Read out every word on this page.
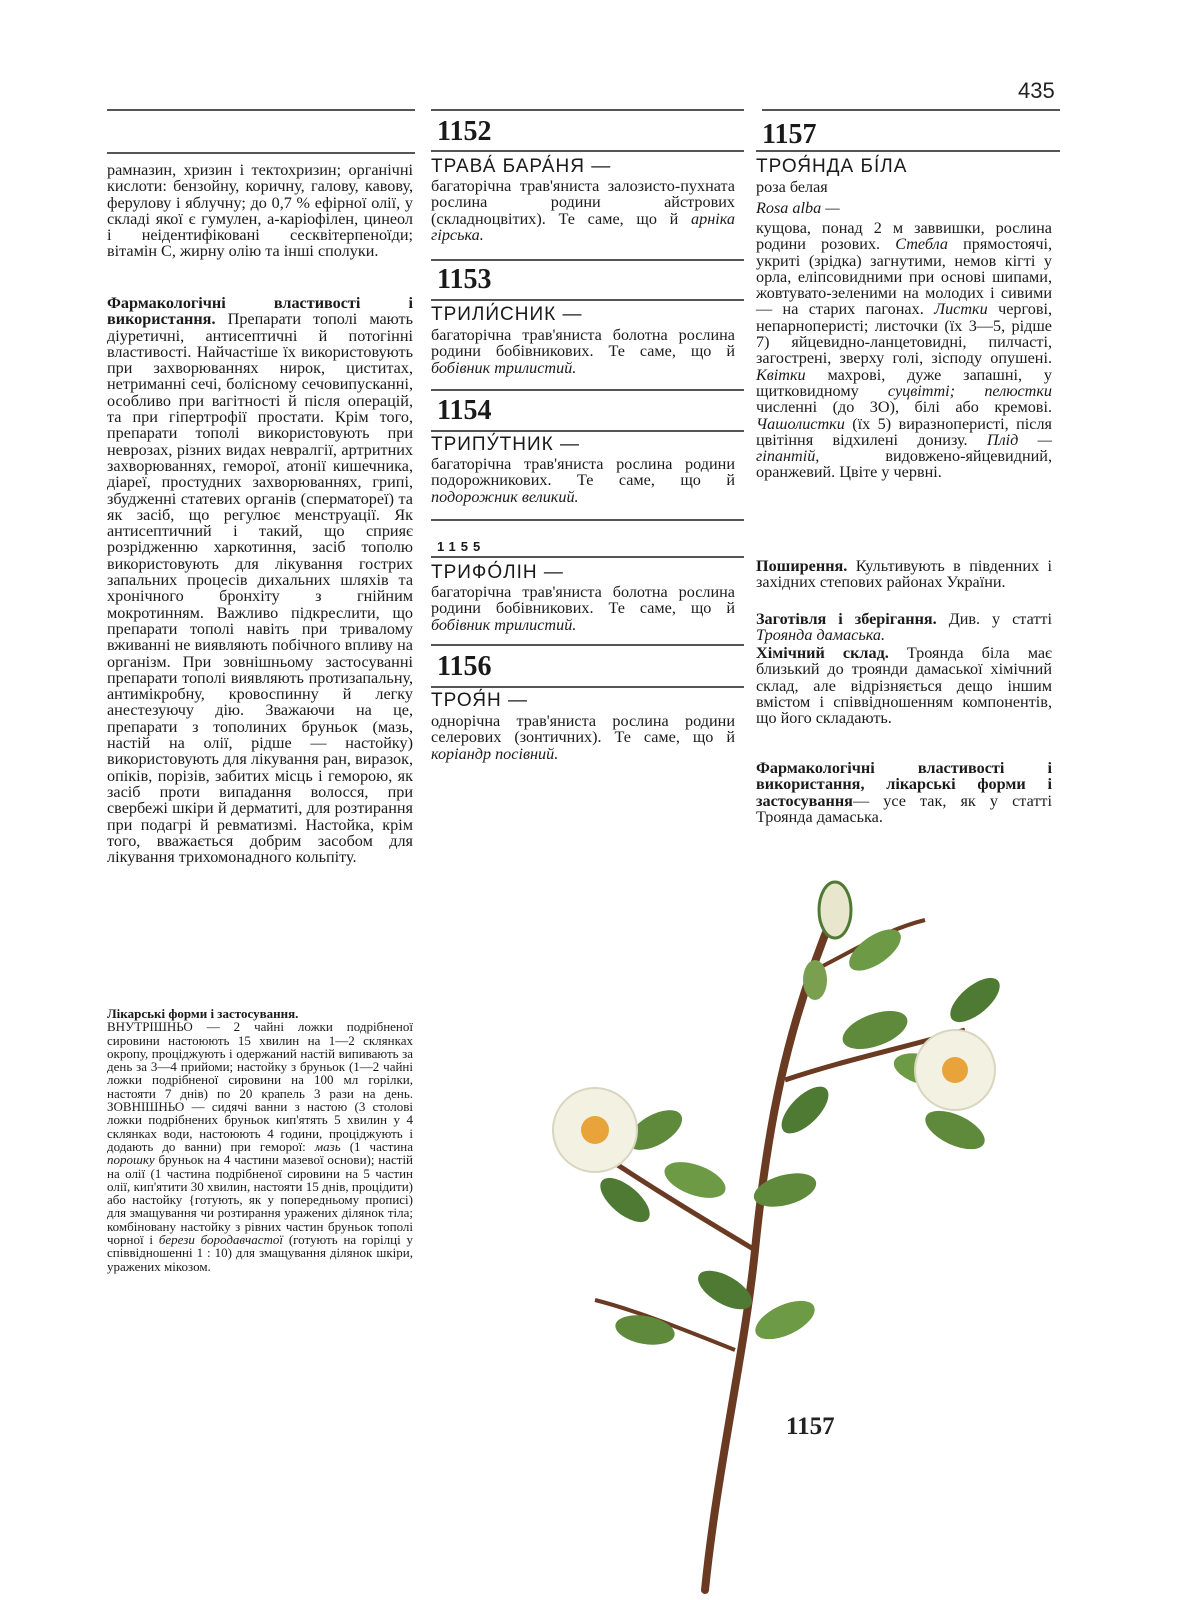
435

рамназин, хризин і тектохризин; органічні кислоти: бензойну, коричну, галову, кавову, ферулову і яблучну; до 0,7 % ефірної олії, у складі якої є гумулен, а-каріофілен, цинеол і неідентифіковані сесквітерпеноїди; вітамін С, жирну олію та інші сполуки.

Фармакологічні властивості і використання. Препарати тополі мають діуретичні, антисептичні й потогінні властивості. Найчастіше їх використовують при захворюваннях нирок, циститах, нетриманні сечі, болісному сечовипусканні, особливо при вагітності й після операцій, та при гіпертрофії простати. Крім того, препарати тополі використовують при неврозах, різних видах невралгії, артритних захворюваннях, геморої, атонії кишечника, діареї, простудних захворюваннях, грипі, збудженні статевих органів (сперматореї) та як засіб, що регулює менструації. Як антисептичний і такий, що сприяє розрідженню харкотиння, засіб тополю використовують для лікування гострих запальних процесів дихальних шляхів та хронічного бронхіту з гнійним мокротинням. Важливо підкреслити, що препарати тополі навіть при тривалому вживанні не виявляють побічного впливу на організм. При зовнішньому застосуванні препарати тополі виявляють протизапальну, антимікробну, кровоспинну й легку анестезуючу дію. Зважаючи на це, препарати з тополиних бруньок (мазь, настій на олії, рідше — настойку) використовують для лікування ран, виразок, опіків, порізів, забитих місць і геморою, як засіб проти випадання волосся, при свербежі шкіри й дерматиті, для розтирання при подагрі й ревматизмі. Настойка, крім того, вважається добрим засобом для лікування трихомонадного кольпіту.

Лікарські форми і застосування.
ВНУТРІШНЬО — 2 чайні ложки подрібненої сировини настоюють 15 хвилин на 1—2 склянках окропу, проціджують і одержаний настій випивають за день за 3—4 прийоми; настойку з бруньок (1—2 чайні ложки подрібненої сировини на 100 мл горілки, настояти 7 днів) по 20 крапель 3 рази на день. ЗОВНІШНЬО — сидячі ванни з настою (3 столові ложки подрібнених бруньок кип'ятять 5 хвилин у 4 склянках води, настоюють 4 години, проціджують і додають до ванни) при геморої: мазь (1 частина порошку бруньок на 4 частини мазевої основи); настій на олії (1 частина подрібненої сировини на 5 частин олії, кип'ятити 30 хвилин, настояти 15 днів, процідити) або настойку {готують, як у попередньому прописі) для змащування чи розтирання уражених ділянок тіла; комбіновану настойку з рівних частин бруньок тополі чорної і берези бородавчастої (готують на горілці у співвідношенні 1 : 10) для змащування ділянок шкіри, уражених мікозом.

1152
ТРАВА́ БАРА́НЯ —

багаторічна трав'яниста залозисто-пухната рослина родини айстрових (складноцвітих). Те саме, що й арніка гірська.

1153
ТРИЛИ́СНИК —

багаторічна трав'яниста болотна рослина родини бобівникових. Те саме, що й бобівник трилистий.

1154
ТРИПУ́ТНИК —

багаторічна трав'яниста рослина родини подорожникових. Те саме, що й подорожник великий.

1155
ТРИФО́ЛІН —

багаторічна трав'яниста болотна рослина родини бобівникових. Те саме, що й бобівник трилистий.

1156
ТРОЯ́Н —

однорічна трав'яниста рослина родини селерових (зонтичних). Те саме, що й коріандр посівний.

1157
ТРОЯ́НДА БІ́ЛА

роза белая

Rosa alba —

кущова, понад 2 м заввишки, рослина родини розових. Стебла прямостоячі, укриті (зрідка) загнутими, немов кігті у орла, еліпсовидними при основі шипами, жовтувато-зеленими на молодих і сивими — на старих пагонах. Листки чергові, непарноперисті; листочки (їх 3—5, рідше 7) яйцевидно-ланцетовидні, пилчасті, загострені, зверху голі, зісподу опушені. Квітки махрові, дуже запашні, у щитковидному суцвітті; пелюстки численні (до 3О), білі або кремові. Чашолистки (їх 5) виразноперисті, після цвітіння відхилені донизу. Плід — гіпантій,	видовжено-яйцевидний, оранжевий. Цвіте у червні.

Поширення. Культивують в південних і західних степових районах України.

Заготівля і зберігання. Див. у статті Троянда дамаська.

Хімічний склад. Троянда біла має близький до троянди дамаської хімічний склад, але відрізняється дещо іншим вмістом і співвідношенням компонентів, що його складають.

Фармакологічні властивості і використання, лікарські форми і застосування— усе так, як у статті Троянда дамаська.

1157
